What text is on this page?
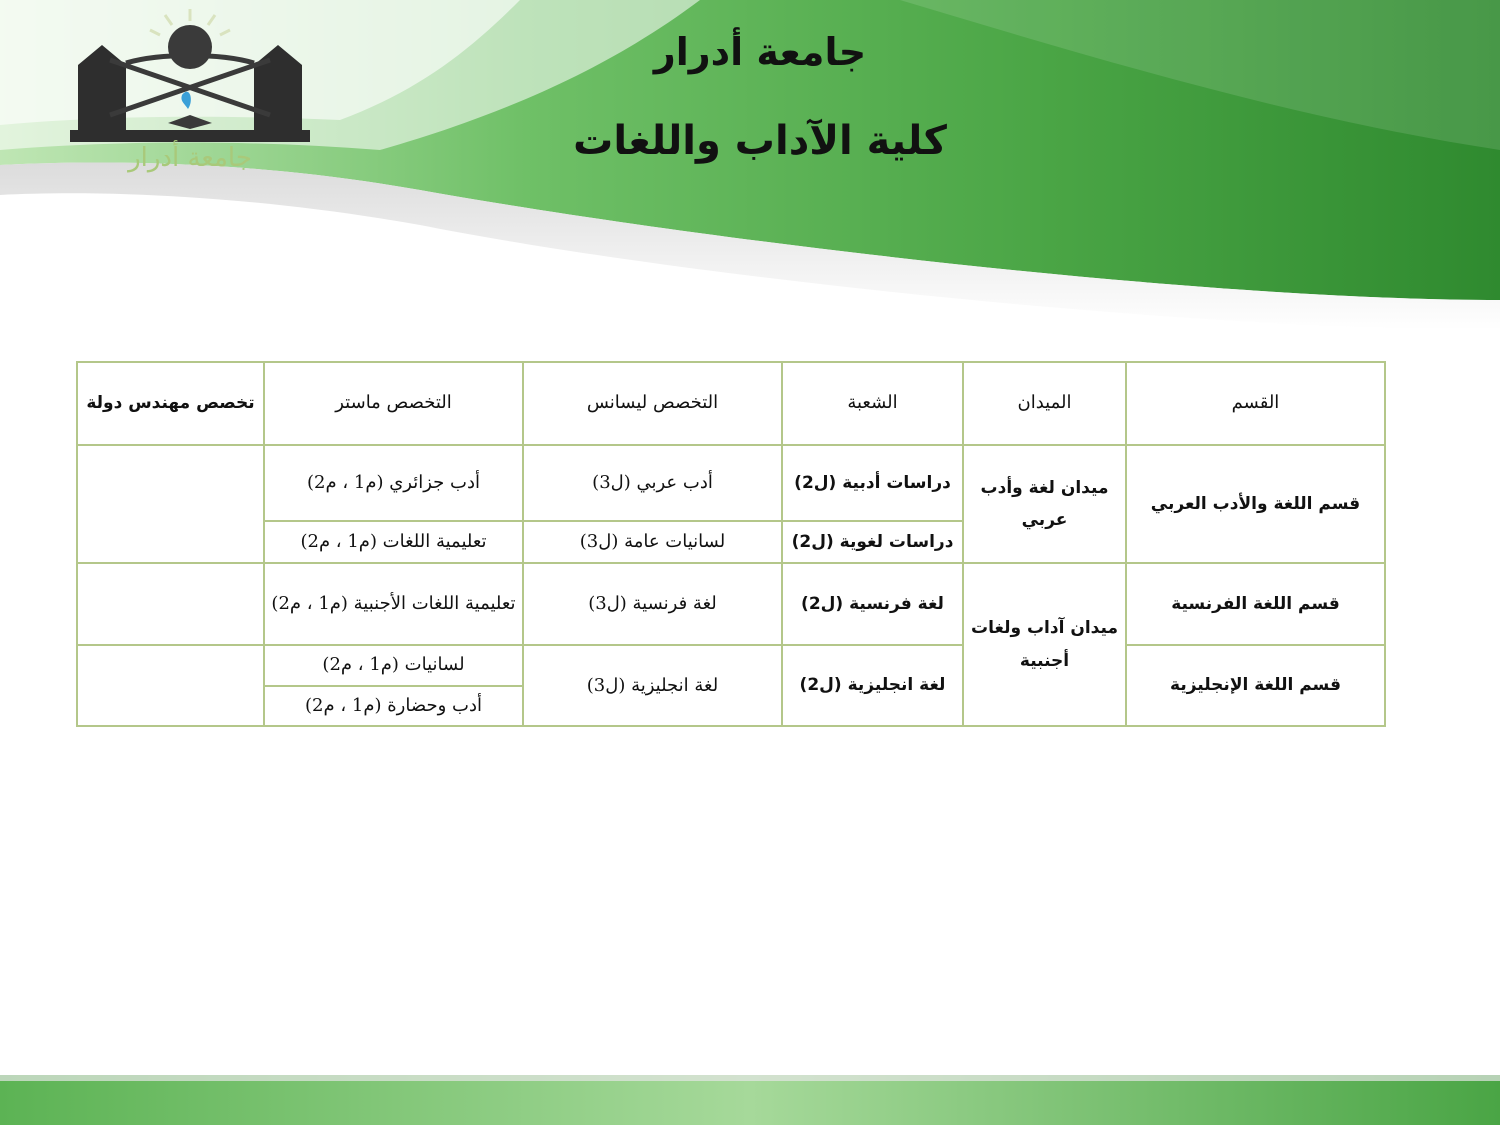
جامعة أدرار
جامعة أدرار
كلية الآداب واللغات
القسم	الميدان	الشعبة	التخصص ليسانس	التخصص ماستر	تخصص مهندس دولة
قسم اللغة والأدب العربي	ميدان لغة وأدب عربي	دراسات أدبية (ل2)	أدب عربي (ل3)	أدب جزائري (م1 ، م2)	
		دراسات لغوية (ل2)	لسانيات عامة (ل3)	تعليمية اللغات (م1 ، م2)	
قسم اللغة الفرنسية	ميدان آداب ولغات أجنبية	لغة فرنسية (ل2)	لغة فرنسية (ل3)	تعليمية اللغات الأجنبية (م1 ، م2)	
قسم اللغة الإنجليزية		لغة انجليزية (ل2)	لغة انجليزية (ل3)	لسانيات (م1 ، م2)	
				أدب وحضارة (م1 ، م2)	
